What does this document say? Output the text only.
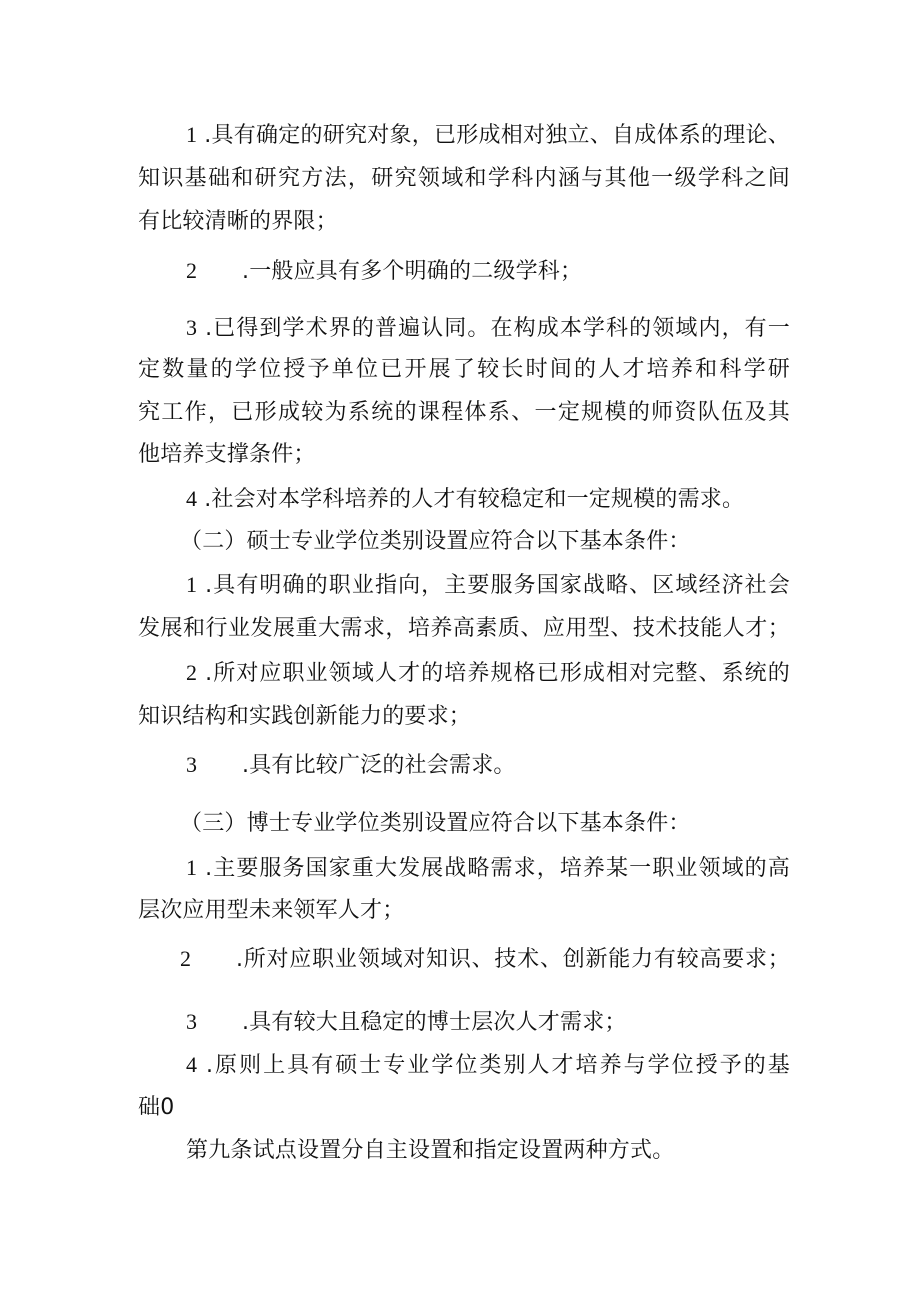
1 .具有确定的研究对象，已形成相对独立、自成体系的理论、
知识基础和研究方法，研究领域和学科内涵与其他一级学科之间
有比较清晰的界限；
2 .一般应具有多个明确的二级学科；
3 .已得到学术界的普遍认同。在构成本学科的领域内，有一
定数量的学位授予单位已开展了较长时间的人才培养和科学研
究工作，已形成较为系统的课程体系、一定规模的师资队伍及其
他培养支撑条件；
4 .社会对本学科培养的人才有较稳定和一定规模的需求。
（二）硕士专业学位类别设置应符合以下基本条件：
1 .具有明确的职业指向，主要服务国家战略、区域经济社会
发展和行业发展重大需求，培养高素质、应用型、技术技能人才；
2 .所对应职业领域人才的培养规格已形成相对完整、系统的
知识结构和实践创新能力的要求；
3 .具有比较广泛的社会需求。
（三）博士专业学位类别设置应符合以下基本条件：
1 .主要服务国家重大发展战略需求，培养某一职业领域的高
层次应用型未来领军人才；
2 .所对应职业领域对知识、技术、创新能力有较高要求；
3 .具有较大且稳定的博士层次人才需求；
4 .原则上具有硕士专业学位类别人才培养与学位授予的基
础0
第九条试点设置分自主设置和指定设置两种方式。
